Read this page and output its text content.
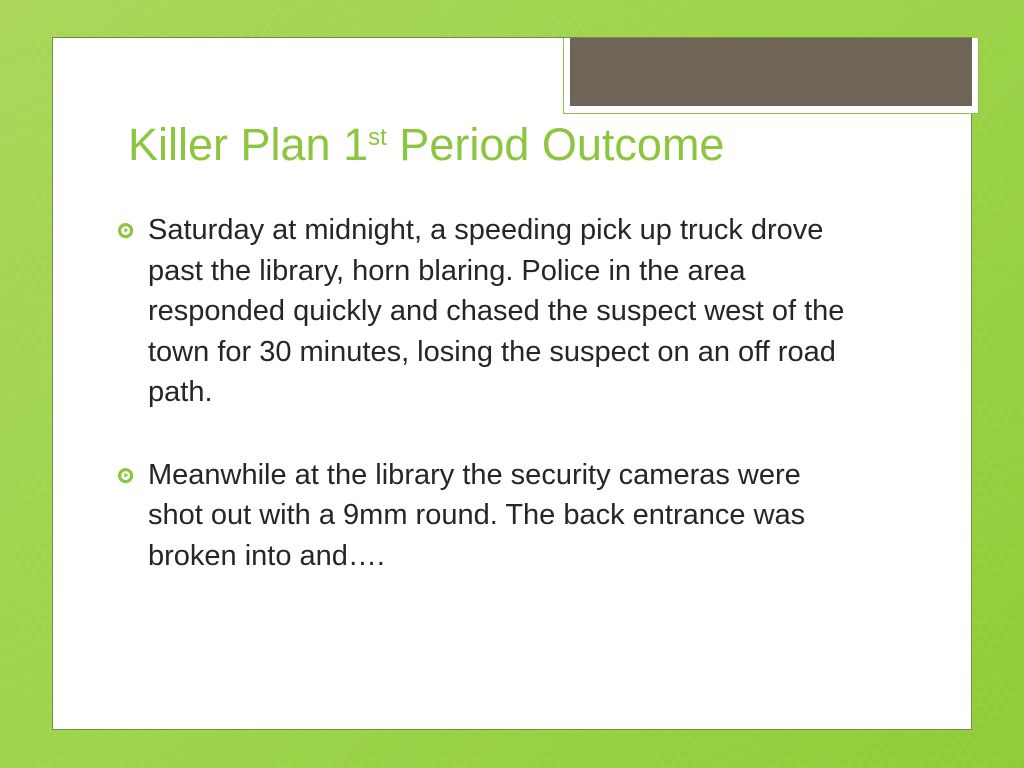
Killer Plan 1st Period Outcome
Saturday at midnight, a speeding pick up truck drove past the library, horn blaring. Police in the area responded quickly and chased the suspect west of the town for 30 minutes, losing the suspect on an off road path.
Meanwhile at the library the security cameras were shot out with a 9mm round. The back entrance was broken into and….
